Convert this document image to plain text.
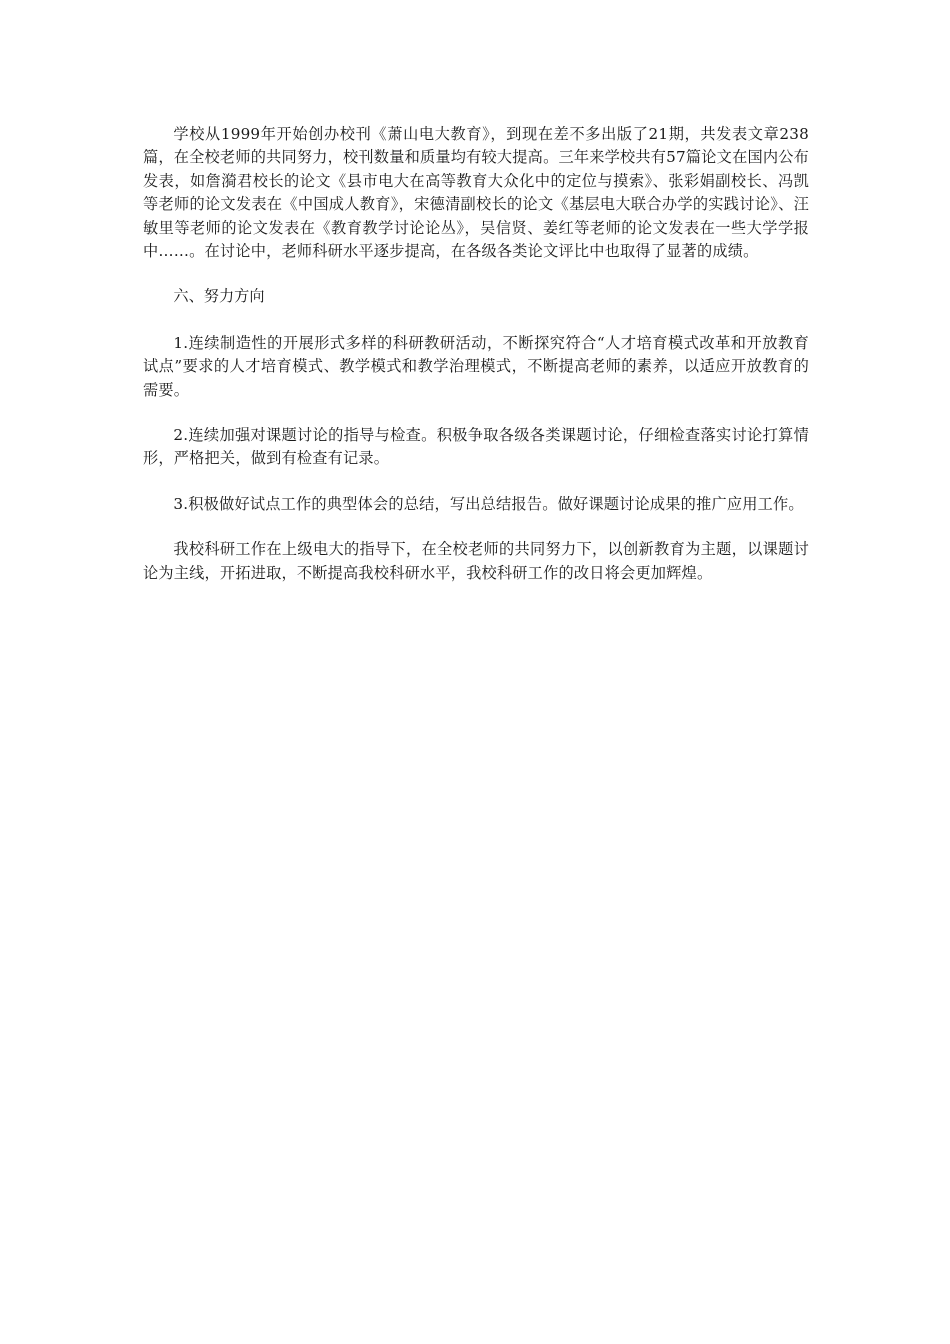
学校从1999年开始创办校刊《萧山电大教育》，到现在差不多出版了21期，共发表文章238篇，在全校老师的共同努力，校刊数量和质量均有较大提高。三年来学校共有57篇论文在国内公布发表，如詹漪君校长的论文《县市电大在高等教育大众化中的定位与摸索》、张彩娟副校长、冯凯等老师的论文发表在《中国成人教育》，宋德清副校长的论文《基层电大联合办学的实践讨论》、汪敏里等老师的论文发表在《教育教学讨论论丛》，吴信贤、姜红等老师的论文发表在一些大学学报中……。在讨论中，老师科研水平逐步提高，在各级各类论文评比中也取得了显著的成绩。

六、努力方向

1.连续制造性的开展形式多样的科研教研活动，不断探究符合“人才培育模式改革和开放教育试点”要求的人才培育模式、教学模式和教学治理模式，不断提高老师的素养，以适应开放教育的需要。

2.连续加强对课题讨论的指导与检查。积极争取各级各类课题讨论，仔细检查落实讨论打算情形，严格把关，做到有检查有记录。

3.积极做好试点工作的典型体会的总结，写出总结报告。做好课题讨论成果的推广应用工作。

我校科研工作在上级电大的指导下，在全校老师的共同努力下，以创新教育为主题，以课题讨论为主线，开拓进取，不断提高我校科研水平，我校科研工作的改日将会更加辉煌。
